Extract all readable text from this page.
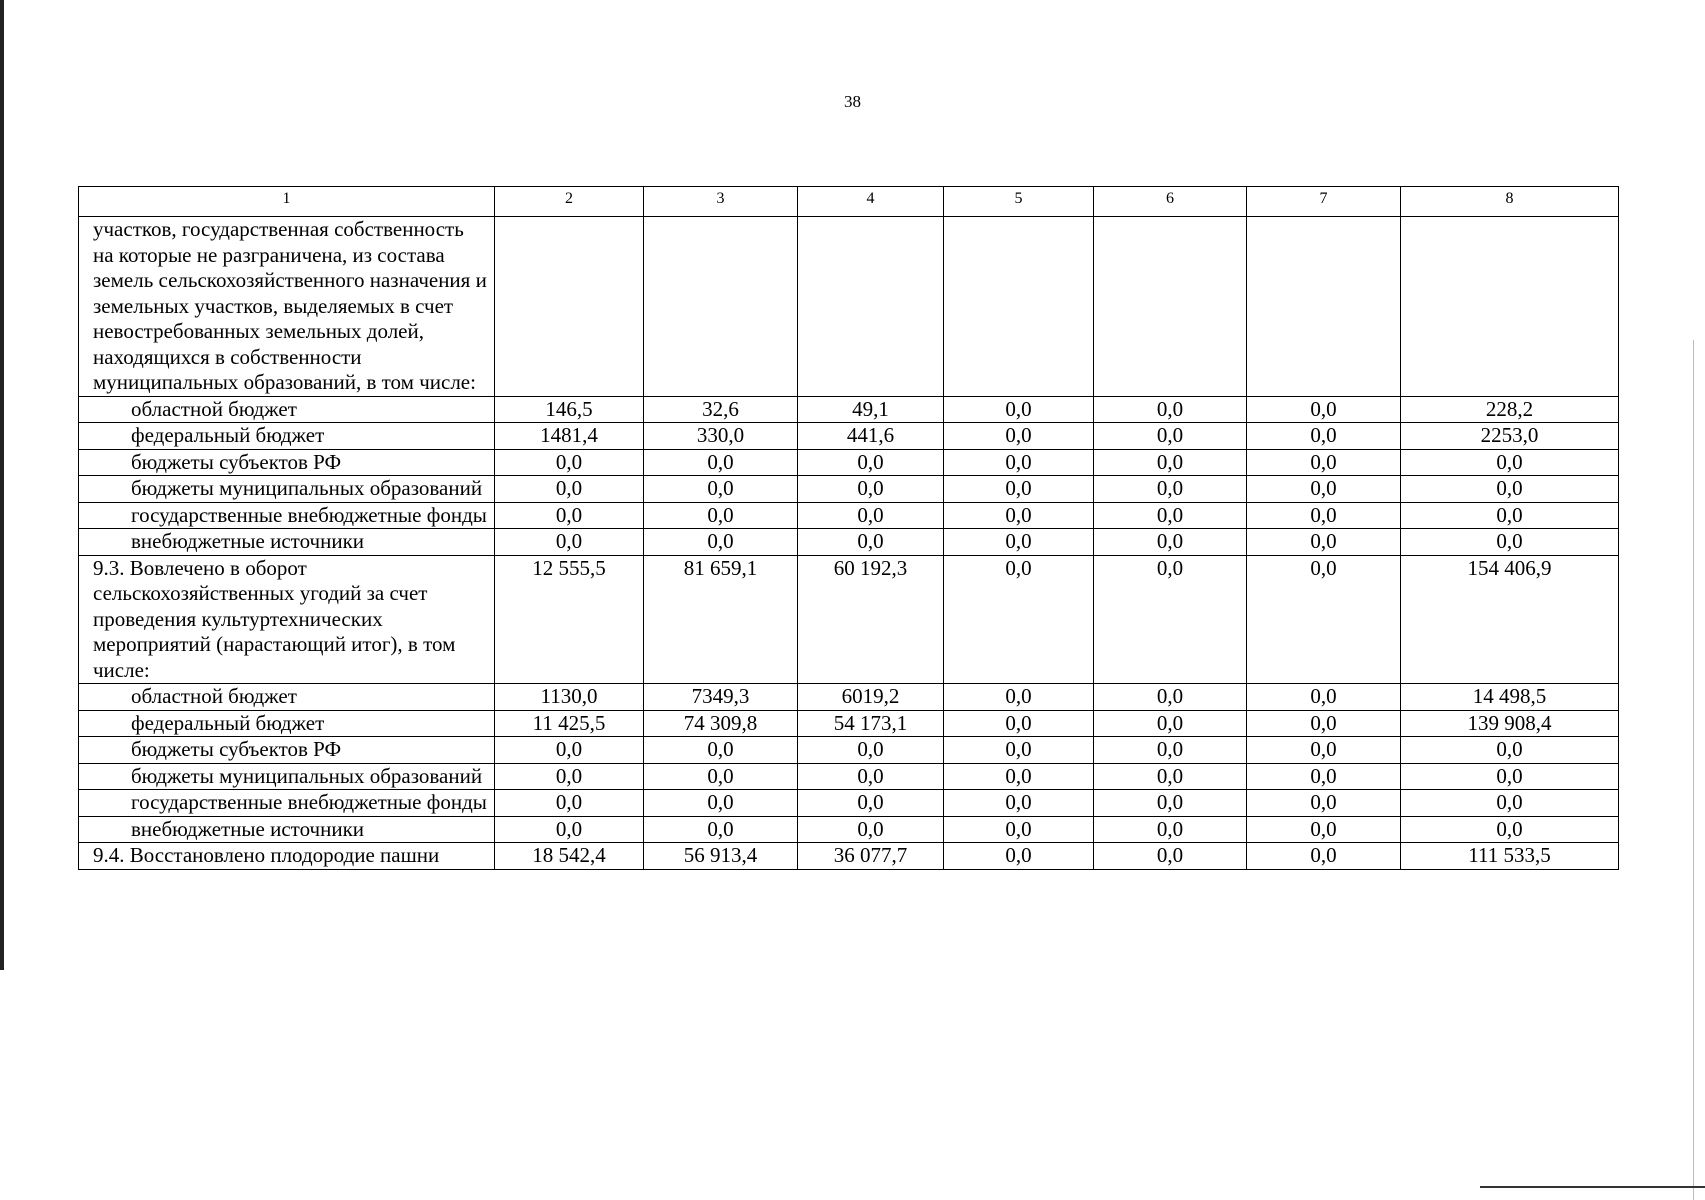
38
1	2	3	4	5	6	7	8
участков, государственная собственность на которые не разграничена, из состава земель сельскохозяйственного назначения и земельных участков, выделяемых в счет невостребованных земельных долей, находящихся в собственности муниципальных образований, в том числе:							
областной бюджет	146,5	32,6	49,1	0,0	0,0	0,0	228,2
федеральный бюджет	1481,4	330,0	441,6	0,0	0,0	0,0	2253,0
бюджеты субъектов РФ	0,0	0,0	0,0	0,0	0,0	0,0	0,0
бюджеты муниципальных образований	0,0	0,0	0,0	0,0	0,0	0,0	0,0
государственные внебюджетные фонды	0,0	0,0	0,0	0,0	0,0	0,0	0,0
внебюджетные источники	0,0	0,0	0,0	0,0	0,0	0,0	0,0
9.3. Вовлечено в оборот сельскохозяйственных угодий за счет проведения культуртехнических мероприятий (нарастающий итог), в том числе:	12 555,5	81 659,1	60 192,3	0,0	0,0	0,0	154 406,9
областной бюджет	1130,0	7349,3	6019,2	0,0	0,0	0,0	14 498,5
федеральный бюджет	11 425,5	74 309,8	54 173,1	0,0	0,0	0,0	139 908,4
бюджеты субъектов РФ	0,0	0,0	0,0	0,0	0,0	0,0	0,0
бюджеты муниципальных образований	0,0	0,0	0,0	0,0	0,0	0,0	0,0
государственные внебюджетные фонды	0,0	0,0	0,0	0,0	0,0	0,0	0,0
внебюджетные источники	0,0	0,0	0,0	0,0	0,0	0,0	0,0
9.4. Восстановлено плодородие пашни	18 542,4	56 913,4	36 077,7	0,0	0,0	0,0	111 533,5
